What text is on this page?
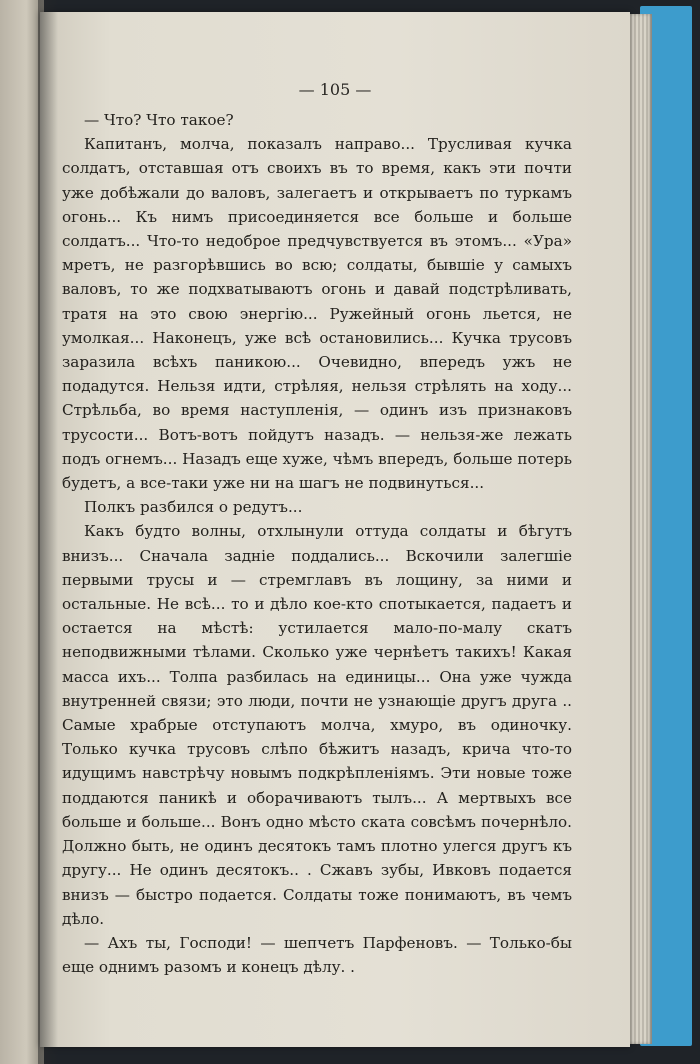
— 105 —

— Что? Что такое?

Капитанъ, молча, показалъ направо... Трусливая кучка солдатъ, отставшая отъ своихъ въ то время, какъ эти почти уже добѣжали до валовъ, залегаетъ и открываетъ по туркамъ огонь... Къ нимъ присоединяется все больше и больше солдатъ... Что-то недоброе предчувствуется въ этомъ... «Ура» мретъ, не разгорѣвшись во всю; солдаты, бывшіе у самыхъ валовъ, то же подхватываютъ огонь и давай подстрѣливать, тратя на это свою энергію... Ружейный огонь льется, не умолкая... Наконецъ, уже всѣ остановились... Кучка трусовъ заразила всѣхъ паникою... Очевидно, впередъ ужъ не подадутся. Нельзя идти, стрѣляя, нельзя стрѣлять на ходу... Стрѣльба, во время наступленія, — одинъ изъ признаковъ трусости... Вотъ-вотъ пойдутъ назадъ. — нельзя-же лежать подъ огнемъ... Назадъ еще хуже, чѣмъ впередъ, больше потерь будетъ, а все-таки уже ни на шагъ не подвинуться...

Полкъ разбился о редутъ...

Какъ будто волны, отхлынули оттуда солдаты и бѣгутъ внизъ... Сначала заднiе поддались... Вскочили залегшіе первыми трусы и — стремглавъ въ лощину, за ними и остальные. Не всѣ... то и дѣло кое-кто спотыкается, падаетъ и остается на мѣстѣ: устилается мало-по-малу скатъ неподвижными тѣлами. Сколько уже чернѣетъ такихъ! Какая масса ихъ... Толпа разбилась на единицы... Она уже чужда внутренней связи; это люди, почти не узнающіе другъ друга .. Самые храбрые отступаютъ молча, хмуро, въ одиночку. Только кучка трусовъ слѣпо бѣжитъ назадъ, крича что-то идущимъ навстрѣчу новымъ подкрѣпленіямъ. Эти новые тоже поддаются паникѣ и оборачиваютъ тылъ... А мертвыхъ все больше и больше... Вонъ одно мѣсто ската совсѣмъ почернѣло. Должно быть, не одинъ десятокъ тамъ плотно улегся другъ къ другу... Не одинъ десятокъ.. . Сжавъ зубы, Ивковъ подается внизъ — быстро подается. Солдаты тоже понимаютъ, въ чемъ дѣло.

— Ахъ ты, Господи! — шепчетъ Парфеновъ. — Только-бы еще однимъ разомъ и конецъ дѣлу. .
